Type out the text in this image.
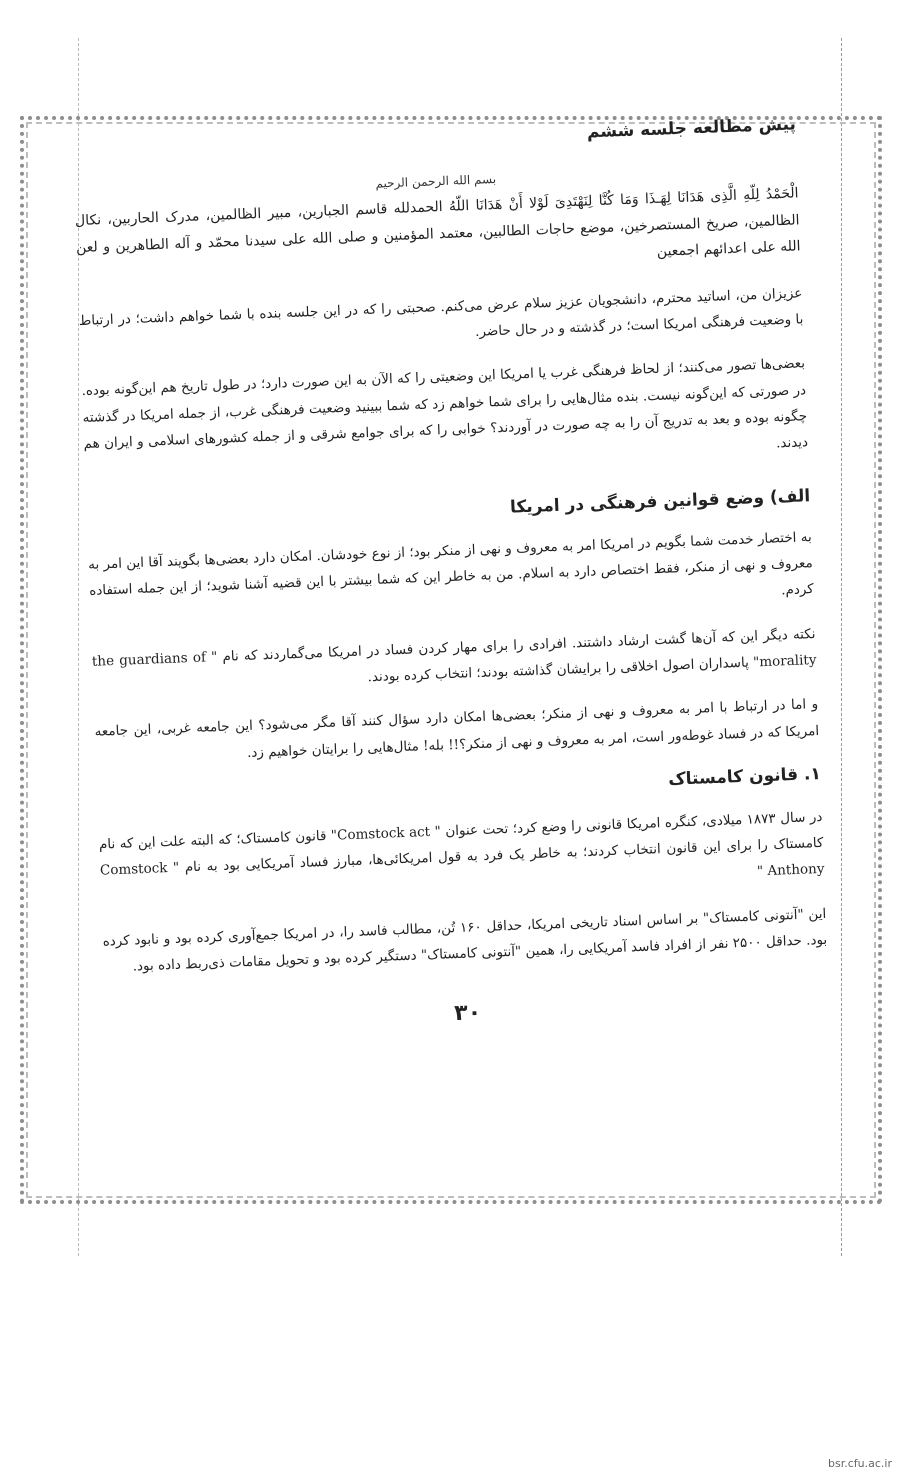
پیش مطالعه جلسه ششم
بسم الله الرحمن الرحیم
الْحَمْدُ لِلّهِ الَّذِی هَدَانَا لِهَـذَا وَمَا كُنَّا لِنَهْتَدِیَ لَوْلا أَنْ هَدَانَا اللّهُ الحمدلله قاسم الجبارین، مبیر الظالمین، مدرک الحاربین، نکال الظالمین، صریخ المستصرخین، موضع حاجات الطالبین، معتمد المؤمنین و صلی الله علی سیدنا محمّد و آله الطاهرین و لعن الله علی اعدائهم اجمعین

عزیزان من، اساتید محترم، دانشجویان عزیز سلام عرض می‌کنم. صحبتی را که در این جلسه بنده با شما خواهم داشت؛ در ارتباط با وضعیت فرهنگی امریکا است؛ در گذشته و در حال حاضر.

بعضی‌ها تصور می‌کنند؛ از لحاظ فرهنگی غرب یا امریکا این وضعیتی را که الآن به این صورت دارد؛ در طول تاریخ هم این‌گونه بوده. در صورتی که این‌گونه نیست. بنده مثال‌هایی را برای شما خواهم زد که شما ببینید وضعیت فرهنگی غرب، از جمله امریکا در گذشته چگونه بوده و بعد به تدریج آن را به چه صورت در آوردند؟ خوابی را که برای جوامع شرقی و از جمله کشورهای اسلامی و ایران هم دیدند.

الف) وضع قوانین فرهنگی در امریکا

به اختصار خدمت شما بگویم در امریکا امر به معروف و نهی از منکر بود؛ از نوع خودشان. امکان دارد بعضی‌ها بگویند آقا این امر به معروف و نهی از منکر، فقط اختصاص دارد به اسلام. من به خاطر این که شما بیشتر با این قضیه آشنا شوید؛ از این جمله استفاده کردم.

نکته دیگر این که آن‌ها گشت ارشاد داشتند. افرادی را برای مهار کردن فساد در امریکا می‌گماردند که نام " the guardians of morality" پاسداران اصول اخلاقی را برایشان گذاشته بودند؛ انتخاب کرده بودند.

و اما در ارتباط با امر به معروف و نهی از منکر؛ بعضی‌ها امکان دارد سؤال کنند آقا مگر می‌شود؟ این جامعه غربی، این جامعه امریکا که در فساد غوطه‌ور است، امر به معروف و نهی از منکر؟!! بله! مثال‌هایی را برایتان خواهیم زد.

۱. قانون کامستاک

در سال ۱۸۷۳ میلادی، کنگره امریکا قانونی را وضع کرد؛ تحت عنوان " Comstock act" قانون کامستاک؛ که البته علت این که نام کامستاک را برای این قانون انتخاب کردند؛ به خاطر یک فرد به قول امریکائی‌ها، مبارز فساد آمریکایی بود به نام " Comstock Anthony "

این "آنتونی کامستاک" بر اساس اسناد تاریخی امریکا، حداقل ۱۶۰ تُن، مطالب فاسد را، در امریکا جمع‌آوری کرده بود و نابود کرده بود. حداقل ۲۵۰۰ نفر از افراد فاسد آمریکایی را، همین "آنتونی کامستاک" دستگیر کرده بود و تحویل مقامات ذی‌ربط داده بود.

۳۰
bsr.cfu.ac.ir
